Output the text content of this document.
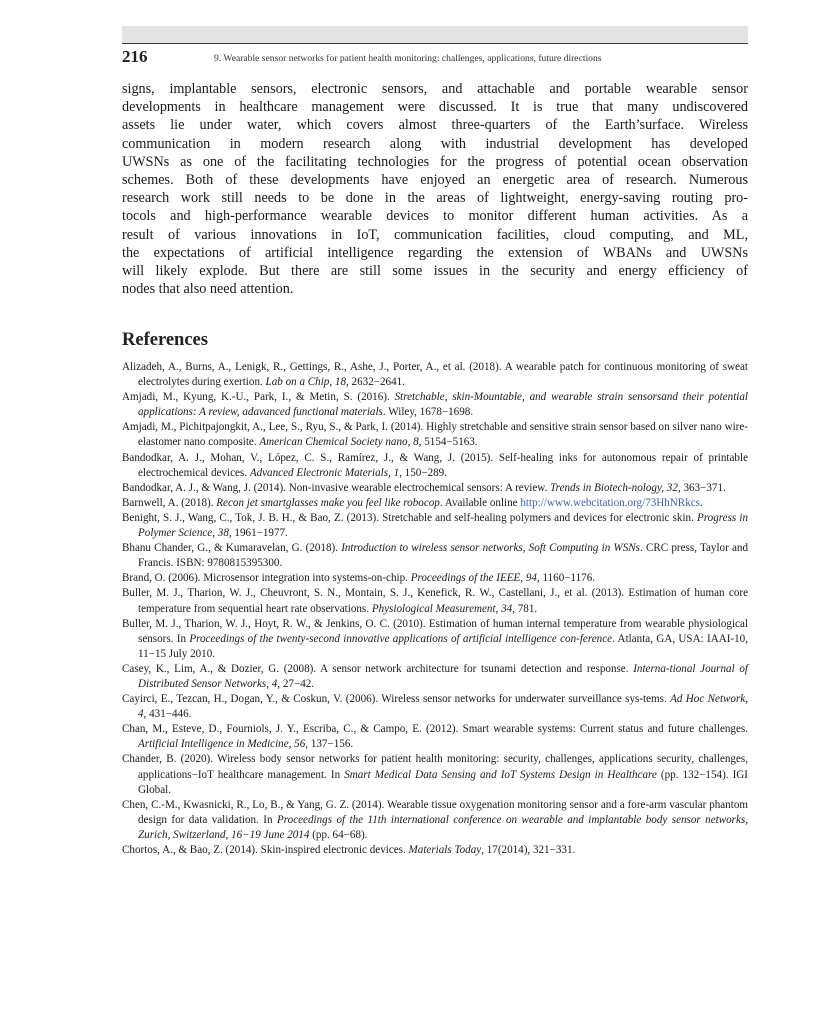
216	9. Wearable sensor networks for patient health monitoring: challenges, applications, future directions
signs, implantable sensors, electronic sensors, and attachable and portable wearable sensor
developments in healthcare management were discussed. It is true that many undiscovered
assets lie under water, which covers almost three-quarters of the Earth’surface. Wireless
communication in modern research along with industrial development has developed
UWSNs as one of the facilitating technologies for the progress of potential ocean observation
schemes. Both of these developments have enjoyed an energetic area of research. Numerous
research work still needs to be done in the areas of lightweight, energy-saving routing pro-
tocols and high-performance wearable devices to monitor different human activities. As a
result of various innovations in IoT, communication facilities, cloud computing, and ML,
the expectations of artificial intelligence regarding the extension of WBANs and UWSNs
will likely explode. But there are still some issues in the security and energy efficiency of
nodes that also need attention.
References

Alizadeh, A., Burns, A., Lenigk, R., Gettings, R., Ashe, J., Porter, A., et al. (2018). A wearable patch for continuous monitoring of sweat electrolytes during exertion. Lab on a Chip, 18, 2632−2641.

Amjadi, M., Kyung, K.-U., Park, I., & Metin, S. (2016). Stretchable, skin-Mountable, and wearable strain sensorsand their potential applications: A review, adavanced functional materials. Wiley, 1678−1698.

Amjadi, M., Pichitpajongkit, A., Lee, S., Ryu, S., & Park, I. (2014). Highly stretchable and sensitive strain sensor based on silver nano wire-elastomer nano composite. American Chemical Society nano, 8, 5154−5163.

Bandodkar, A. J., Mohan, V., López, C. S., Ramírez, J., & Wang, J. (2015). Self-healing inks for autonomous repair of printable electrochemical devices. Advanced Electronic Materials, 1, 150−289.

Bandodkar, A. J., & Wang, J. (2014). Non-invasive wearable electrochemical sensors: A review. Trends in Biotech-nology, 32, 363−371.

Barnwell, A. (2018). Recon jet smartglasses make you feel like robocop. Available online http://www.webcitation.org/73HhNRkcs.

Benight, S. J., Wang, C., Tok, J. B. H., & Bao, Z. (2013). Stretchable and self-healing polymers and devices for electronic skin. Progress in Polymer Science, 38, 1961−1977.

Bhanu Chander, G., & Kumaravelan, G. (2018). Introduction to wireless sensor networks, Soft Computing in WSNs. CRC press, Taylor and Francis. ISBN: 9780815395300.

Brand, O. (2006). Microsensor integration into systems-on-chip. Proceedings of the IEEE, 94, 1160−1176.

Buller, M. J., Tharion, W. J., Cheuvront, S. N., Montain, S. J., Kenefick, R. W., Castellani, J., et al. (2013). Estimation of human core temperature from sequential heart rate observations. Physiological Measurement, 34, 781.

Buller, M. J., Tharion, W. J., Hoyt, R. W., & Jenkins, O. C. (2010). Estimation of human internal temperature from wearable physiological sensors. In Proceedings of the twenty-second innovative applications of artificial intelligence con-ference. Atlanta, GA, USA: IAAI-10, 11−15 July 2010.

Casey, K., Lim, A., & Dozier, G. (2008). A sensor network architecture for tsunami detection and response. Interna-tional Journal of Distributed Sensor Networks, 4, 27−42.

Cayirci, E., Tezcan, H., Dogan, Y., & Coskun, V. (2006). Wireless sensor networks for underwater surveillance sys-tems. Ad Hoc Network, 4, 431−446.

Chan, M., Esteve, D., Fourniols, J. Y., Escriba, C., & Campo, E. (2012). Smart wearable systems: Current status and future challenges. Artificial Intelligence in Medicine, 56, 137−156.

Chander, B. (2020). Wireless body sensor networks for patient health monitoring: security, challenges, applications security, challenges, applications−IoT healthcare management. In Smart Medical Data Sensing and IoT Systems Design in Healthcare (pp. 132−154). IGI Global.

Chen, C.-M., Kwasnicki, R., Lo, B., & Yang, G. Z. (2014). Wearable tissue oxygenation monitoring sensor and a fore-arm vascular phantom design for data validation. In Proceedings of the 11th international conference on wearable and implantable body sensor networks, Zurich, Switzerland, 16−19 June 2014 (pp. 64−68).

Chortos, A., & Bao, Z. (2014). Skin-inspired electronic devices. Materials Today, 17(2014), 321−331.
